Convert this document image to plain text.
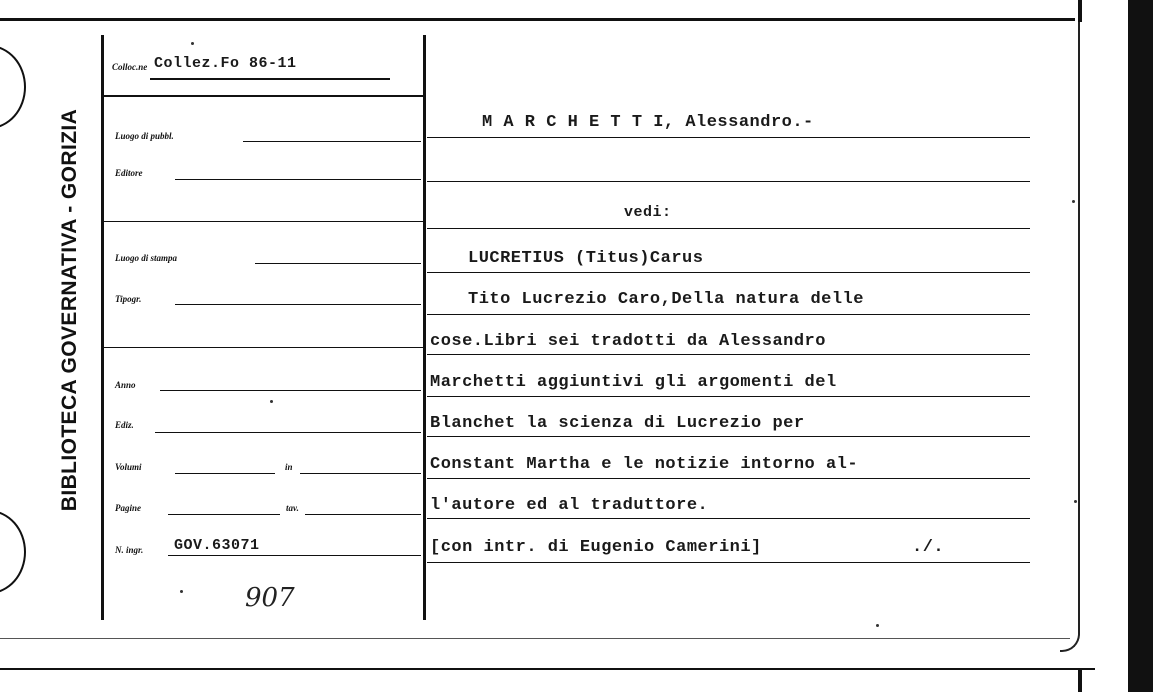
BIBLIOTECA GOVERNATIVA - GORIZIA
Colloc.ne Collez.Fo 86-11
Luogo di pubbl.
Editore
Luogo di stampa
Tipogr.
Anno
Ediz.
Volumi	in
Pagine	tav.
N. ingr. GOV.63071
907
M A R C H E T T I, Alessandro.-
vedi:
LUCRETIUS (Titus)Carus
Tito Lucrezio Caro,Della natura delle
cose.Libri sei tradotti da Alessandro
Marchetti aggiuntivi gli argomenti del
Blanchet la scienza di Lucrezio per
Constant Martha e le notizie intorno al-
l'autore ed al traduttore.
[con intr. di Eugenio Camerini]	./.
